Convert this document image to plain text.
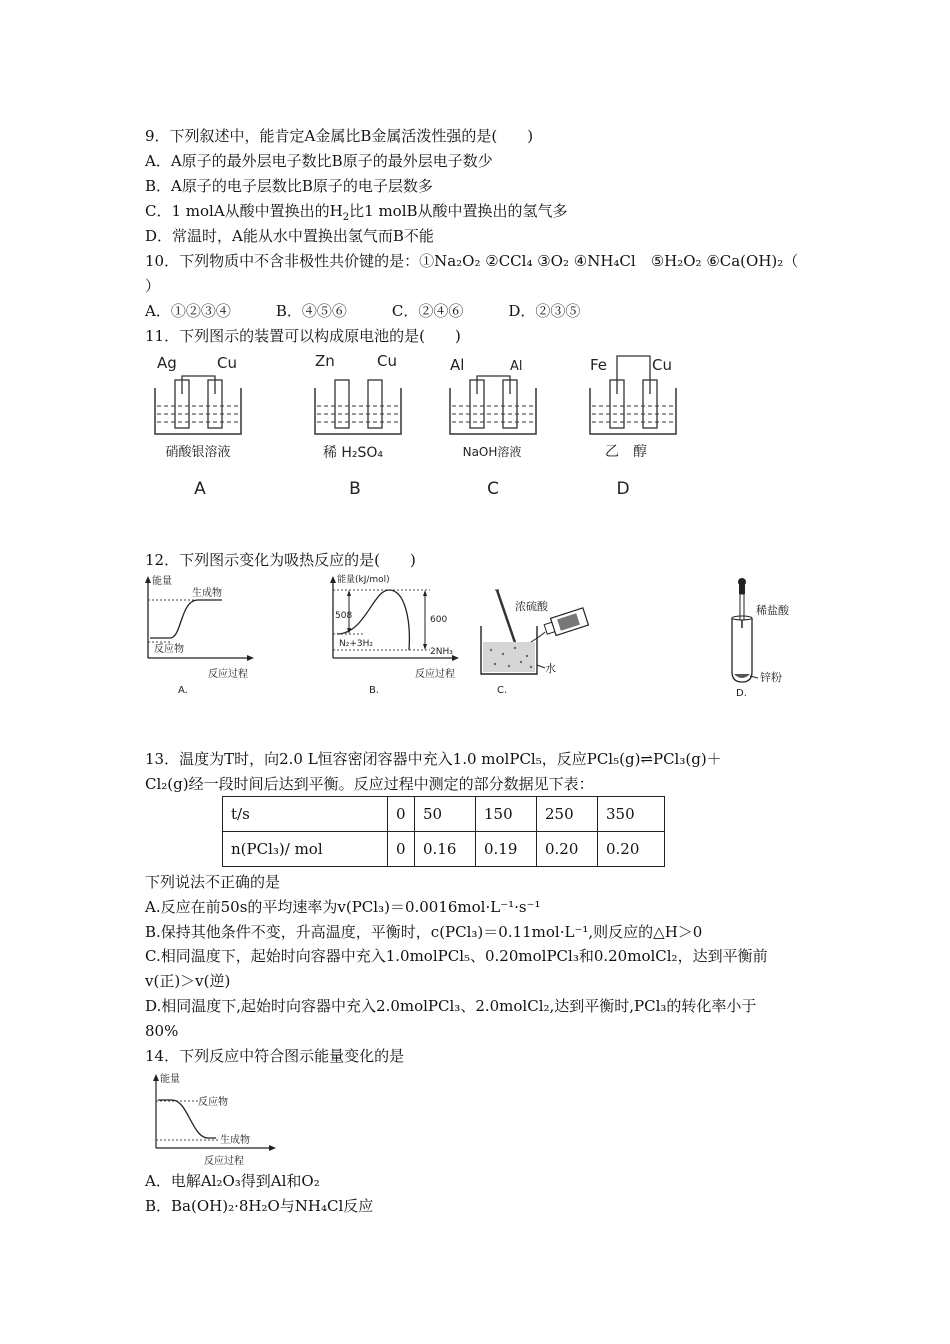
9．下列叙述中，能肯定A金属比B金属活泼性强的是(　　)
A．A原子的最外层电子数比B原子的最外层电子数少
B．A原子的电子层数比B原子的电子层数多
C．1 molA从酸中置换出的$H_2$比1 molB从酸中置换出的氢气多
D．常温时，A能从水中置换出氢气而B不能
10．下列物质中不含非极性共价键的是：①Na₂O₂ ②CCl₄ ③O₂ ④NH₄Cl　⑤H₂O₂ ⑥Ca(OH)₂（
）
A．①②③④　　　B．④⑤⑥　　　C．②④⑥　　　D．②③⑤
11．下列图示的装置可以构成原电池的是(　　)
Ag	Cu
硝酸银溶液
A
Zn	Cu
稀 H₂SO₄
B
Al	Al
NaOH溶液
C
Fe	Cu
乙　醇
D
12．下列图示变化为吸热反应的是(　　)
能量
生成物
反应物
反应过程
A.
能量(kJ/mol)
508	600
N₂+3H₂
2NH₃
反应过程
B.
浓硫酸
水
C.
稀盐酸
锌粉
D.
13．温度为T时，向2.0 L恒容密闭容器中充入1.0 molPCl₅，反应PCl₅(g)⇌PCl₃(g)＋
Cl₂(g)经一段时间后达到平衡。反应过程中测定的部分数据见下表：
t/s	0	50	150	250	350
n(PCl₃)/ mol	0	0.16	0.19	0.20	0.20
下列说法不正确的是
A.反应在前50s的平均速率为v(PCl₃)＝0.0016mol·L⁻¹·s⁻¹
B.保持其他条件不变，升高温度，平衡时，c(PCl₃)＝0.11mol·L⁻¹,则反应的△H＞0
C.相同温度下，起始时向容器中充入1.0molPCl₅、0.20molPCl₃和0.20molCl₂，达到平衡前
v(正)＞v(逆)
D.相同温度下,起始时向容器中充入2.0molPCl₃、2.0molCl₂,达到平衡时,PCl₃的转化率小于
80%
14．下列反应中符合图示能量变化的是
能量
反应物
生成物
反应过程
A．电解Al₂O₃得到Al和O₂
B．Ba(OH)₂·8H₂O与NH₄Cl反应
